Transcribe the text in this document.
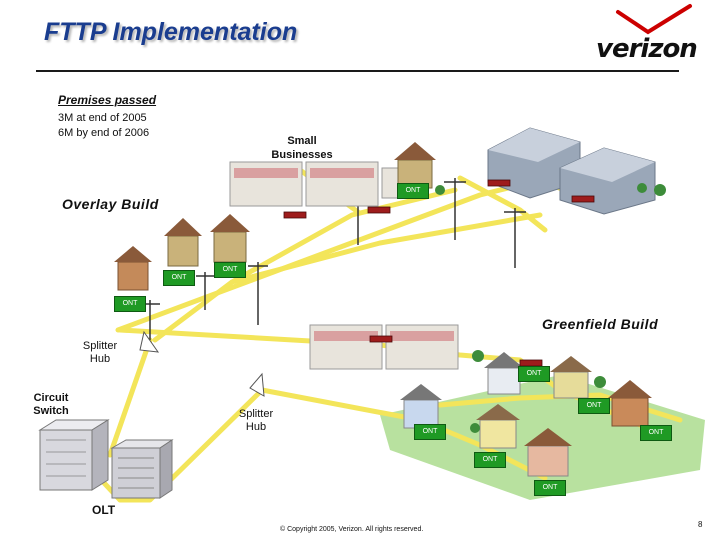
FTTP Implementation
verizon
Premises passed
3M at end of 2005
6M by end of 2006
Small Businesses
Overlay Build
Greenfield Build
Splitter Hub
Splitter Hub
Circuit Switch
OLT
ONT
ONT
ONT
ONT
ONT
ONT
ONT	ONT
ONT
ONT
© Copyright 2005, Verizon. All rights reserved.
8
